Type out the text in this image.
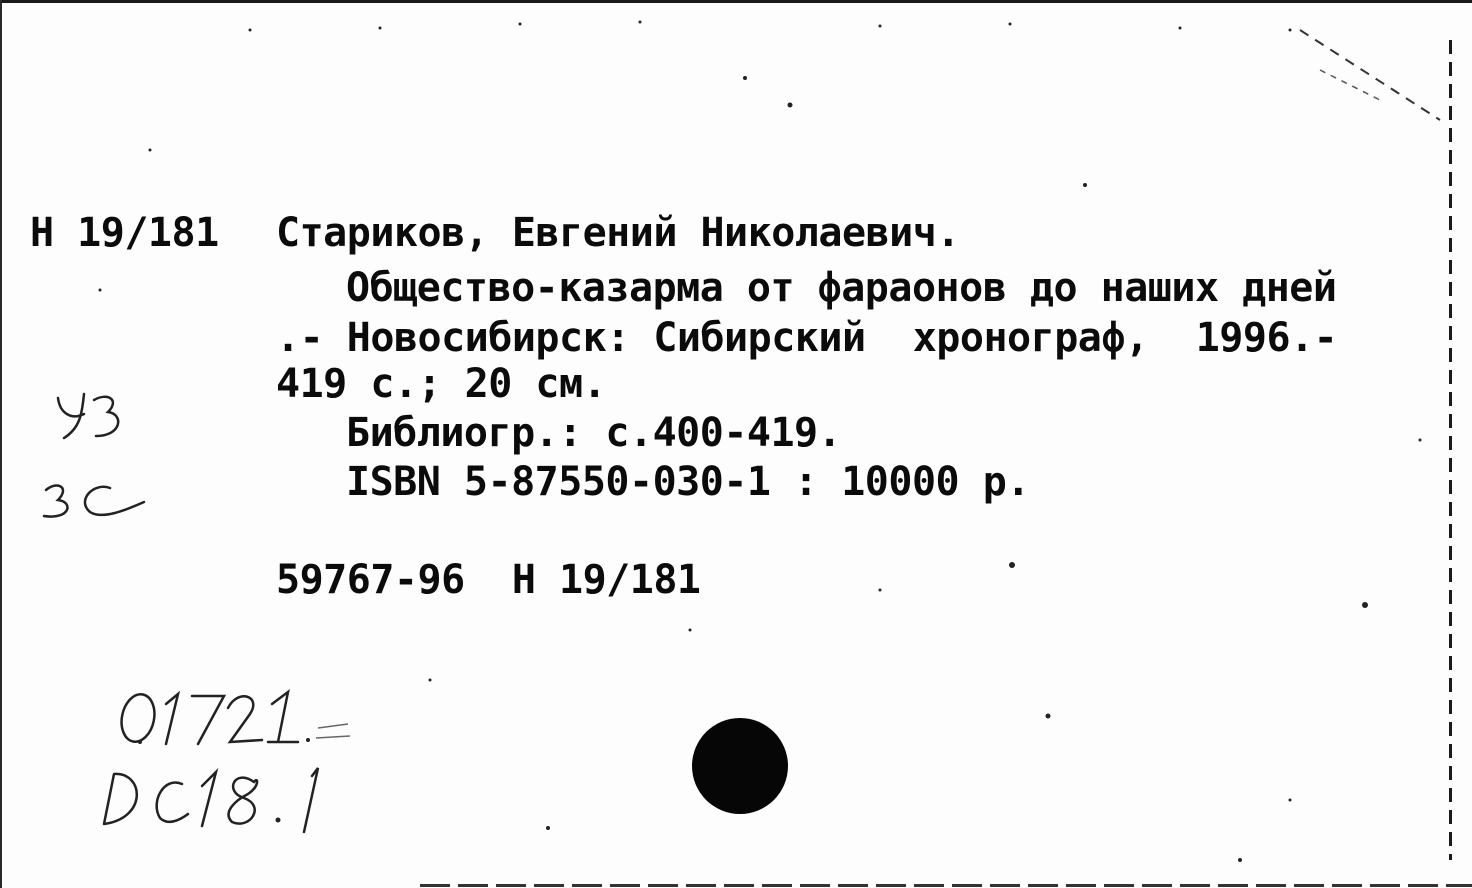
Н 19/181 Стариков, Евгений Николаевич.
Общество-казарма от фараонов до наших дней
.- Новосибирск: Сибирский  хронограф,  1996.-
419 с.; 20 см.
Библиогр.: с.400-419.
ISBN 5-87550-030-1 : 10000 р.
59767-96  Н 19/181
